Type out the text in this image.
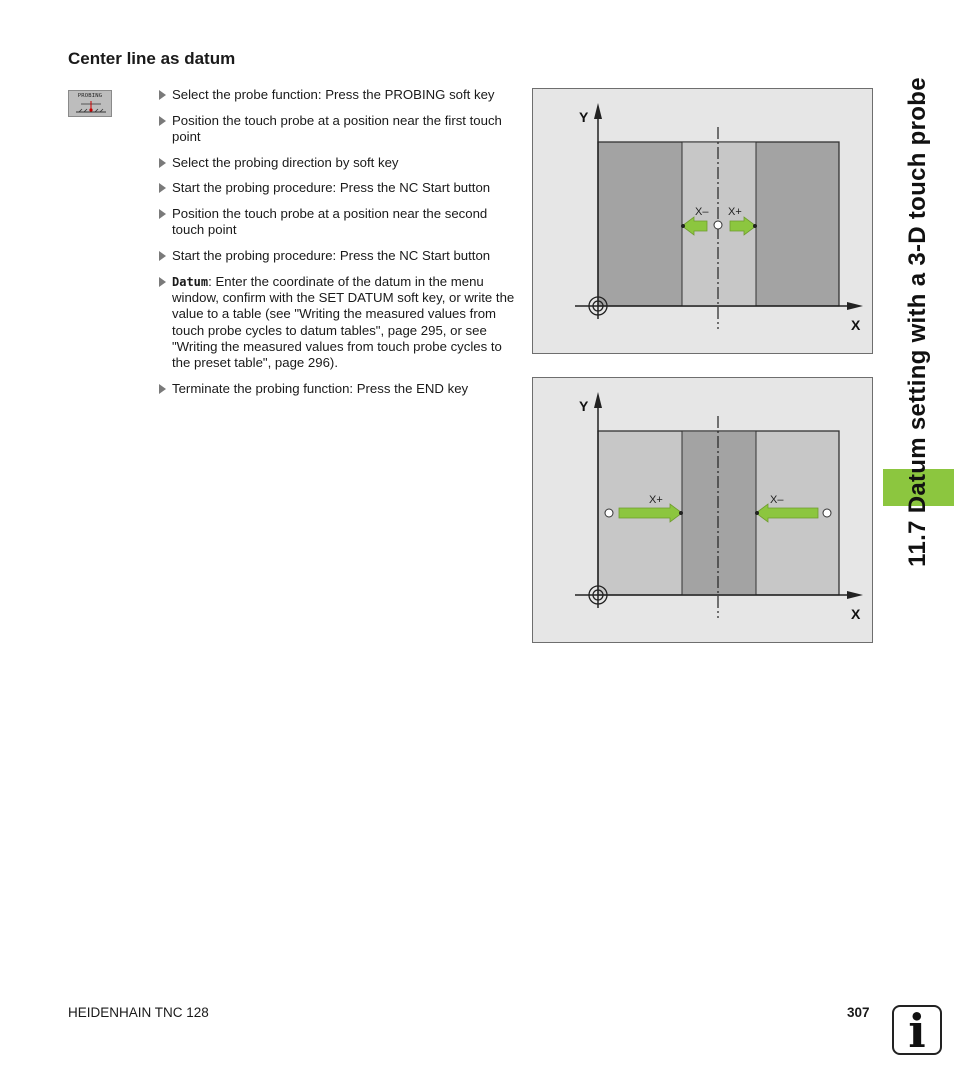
Center line as datum
PROBING	Select the probe function: Press the PROBING soft key
Position the touch probe at a position near the first touch point
Select the probing direction by soft key
Start the probing procedure: Press the NC Start button
Position the touch probe at a position near the second touch point
Start the probing procedure: Press the NC Start button
Datum: Enter the coordinate of the datum in the menu window, confirm with the SET DATUM soft key, or write the value to a table (see "Writing the measured values from touch probe cycles to datum tables", page 295, or see "Writing the measured values from touch probe cycles to the preset table", page 296).
Terminate the probing function: Press the END key
Y
X
X– X+
Y
X
X+	X–	11.7 Datum setting with a 3-D touch probe
HEIDENHAIN TNC 128	307 i
